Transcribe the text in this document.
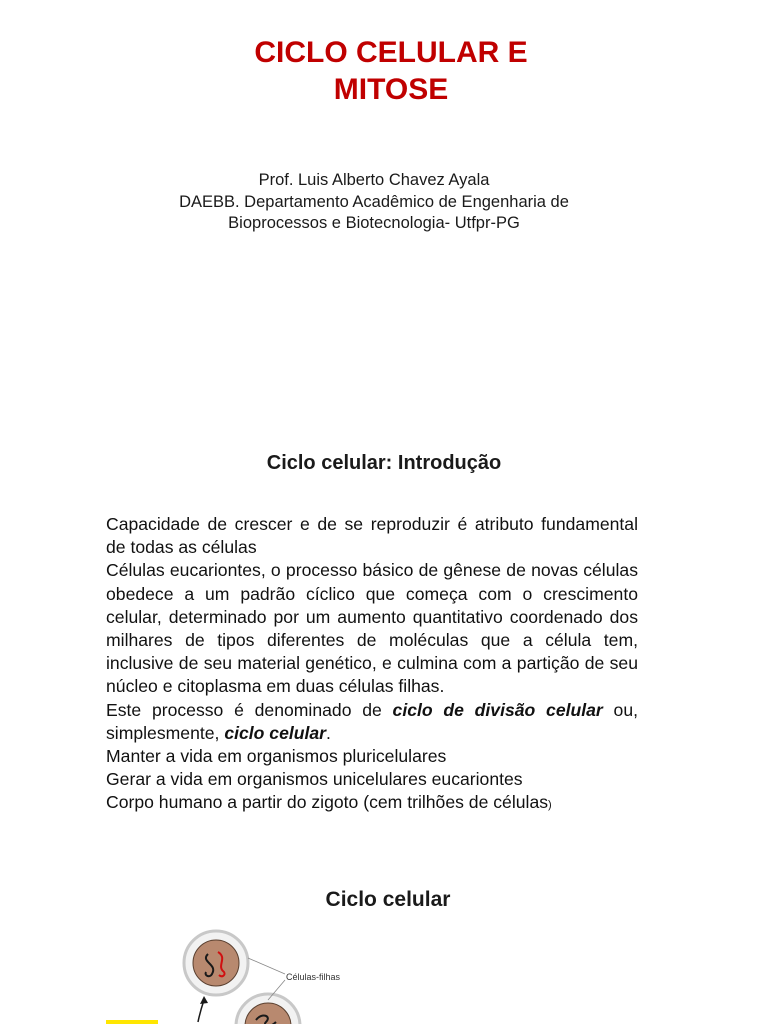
CICLO CELULAR E
MITOSE
Prof. Luis Alberto Chavez Ayala
DAEBB. Departamento Acadêmico de Engenharia de
Bioprocessos e Biotecnologia- Utfpr-PG
Ciclo celular: Introdução

Capacidade de crescer e de se reproduzir é atributo fundamental de todas as células

Células eucariontes, o processo básico de gênese de novas células obedece a um padrão cíclico que começa com o crescimento celular, determinado por um aumento quantitativo coordenado dos milhares de tipos diferentes de moléculas que a célula tem, inclusive de seu material genético, e culmina com a partição de seu núcleo e citoplasma em duas células filhas.

Este processo é denominado de ciclo de divisão celular ou, simplesmente, ciclo celular.

Manter a vida em organismos pluricelulares

Gerar a vida em organismos unicelulares eucariontes

Corpo humano a partir do zigoto (cem trilhões de células)

Ciclo celular
Células-filhas
